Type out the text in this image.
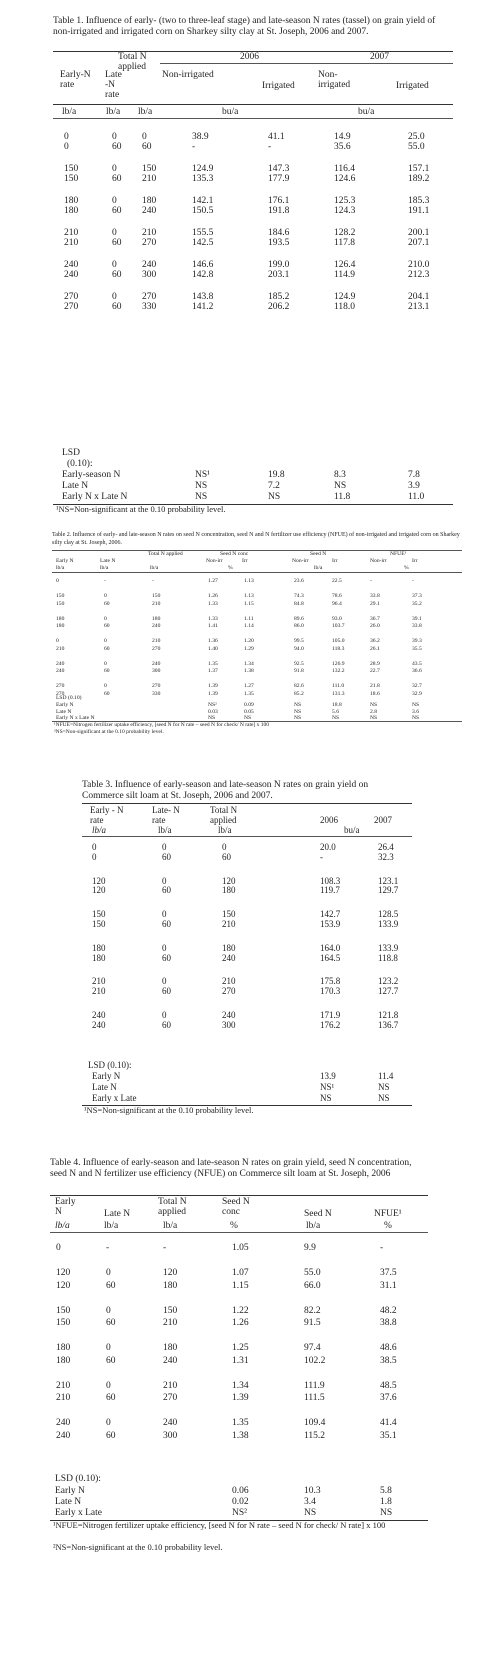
Table 1. Influence of early- (two to three-leaf stage) and late-season N rates (tassel) on grain yield of non-irrigated and irrigated corn on Sharkey silty clay at St. Joseph, 2006 and 2007.
2006	2007
Total N applied
Early-N rate
Late -N rate
Non-irrigated
Irrigated
Non- irrigated	Irrigated
lb/a	lb/a lb/a	bu/a	bu/a
0	0	0	38.9	41.1	14.9	25.0
0	60 60	-	-	35.6	55.0
150	0	150	124.9	147.3	116.4	157.1
150	60 210	135.3	177.9	124.6	189.2
180	0	180	142.1	176.1	125.3	185.3
180	60 240	150.5	191.8	124.3	191.1
210	0	210	155.5	184.6	128.2	200.1
210	60 270	142.5	193.5	117.8	207.1
240	0	240	146.6	199.0	126.4	210.0
240	60 300	142.8	203.1	114.9	212.3
270	0	270	143.8	185.2	124.9	204.1
270	60 330	141.2	206.2	118.0	213.1
LSD
(0.10):
Early-season N	NS¹	19.8	8.3	7.8
Late N	NS	7.2	NS	3.9
Early N x Late N	NS	NS	11.8	11.0
¹NS=Non-significant at the 0.10 probability level.
Table 2. Influence of early- and late-season N rates on seed N concentration, seed N and N fertilizer use efficiency (NFUE) of non-irrigated and irrigated corn on Sharkey silty clay at St. Joseph, 2006.
Total N applied	Seed N conc	Seed N	NFUE¹
Early N	Late N	Non-irr	Irr	Non-irr	Irr	Non-irr	Irr
lb/a	lb/a	lb/a	%	lb/a	%
0	-	-	1.27	1.13	23.6	22.5	-	-
150	0	150	1.26	1.13	74.3	78.6	33.8	37.3
150	60	210	1.33	1.15	84.8	96.4	29.1	35.2
180	0	180	1.33	1.11	89.6	93.0	36.7	39.1
180	60	240	1.41	1.14	86.0	103.7	26.0	33.8
0	0	210	1.36	1.20	99.5	105.0	36.2	39.3
210	60	270	1.40	1.29	94.0	118.3	26.1	35.5
240	0	240	1.35	1.34	92.5	126.9	28.9	43.5
240	60	300	1.37	1.38	91.8	132.2	22.7	36.6
270	0	270	1.39	1.27	82.6	111.0	21.8	32.7
270	60	330	1.39	1.35	85.2	131.3	18.6	32.9
LSD (0.10)
Early N	NS²	0.09	NS	18.8	NS	NS
Late N	0.03	0.05	NS	5.6	2.8	3.6
Early N x Late N	NS	NS	NS	NS	NS	NS
¹NFUE=Nitrogen fertilizer uptake efficiency, [seed N for N rate – seed N for check/ N rate] x 100
²NS=Non-significant at the 0.10 probability level.
Table 3. Influence of early-season and late-season N rates on grain yield on Commerce silt loam at St. Joseph, 2006 and 2007.
Early - N rate
Late- N rate
Total N applied	2006	2007
lb/a	lb/a	lb/a	bu/a
0	0	0	20.0	26.4
0	60	60	-	32.3
120	0	120	108.3	123.1
120	60	180	119.7	129.7
150	0	150	142.7	128.5
150	60	210	153.9	133.9
180	0	180	164.0	133.9
180	60	240	164.5	118.8
210	0	210	175.8	123.2
210	60	270	170.3	127.7
240	0	240	171.9	121.8
240	60	300	176.2	136.7
LSD (0.10):
Early N	13.9	11.4
Late N	NS¹	NS
Early x Late	NS	NS
¹NS=Non-significant at the 0.10 probability level.
Table 4. Influence of early-season and late-season N rates on grain yield, seed N concentration, seed N and N fertilizer use efficiency (NFUE) on Commerce silt loam at St. Joseph, 2006
Early N	Late N
Total N applied
Seed N conc	Seed N	NFUE¹
lb/a	lb/a	lb/a	%	lb/a	%
0	-	-	1.05	9.9	-
120	0	120	1.07	55.0	37.5
120	60	180	1.15	66.0	31.1
150	0	150	1.22	82.2	48.2
150	60	210	1.26	91.5	38.8
180	0	180	1.25	97.4	48.6
180	60	240	1.31	102.2	38.5
210	0	210	1.34	111.9	48.5
210	60	270	1.39	111.5	37.6
240	0	240	1.35	109.4	41.4
240	60	300	1.38	115.2	35.1
LSD (0.10):
Early N	0.06	10.3	5.8
Late N	0.02	3.4	1.8
Early x Late	NS²	NS	NS
¹NFUE=Nitrogen fertilizer uptake efficiency, [seed N for N rate – seed N for check/ N rate] x 100
²NS=Non-significant at the 0.10 probability level.
